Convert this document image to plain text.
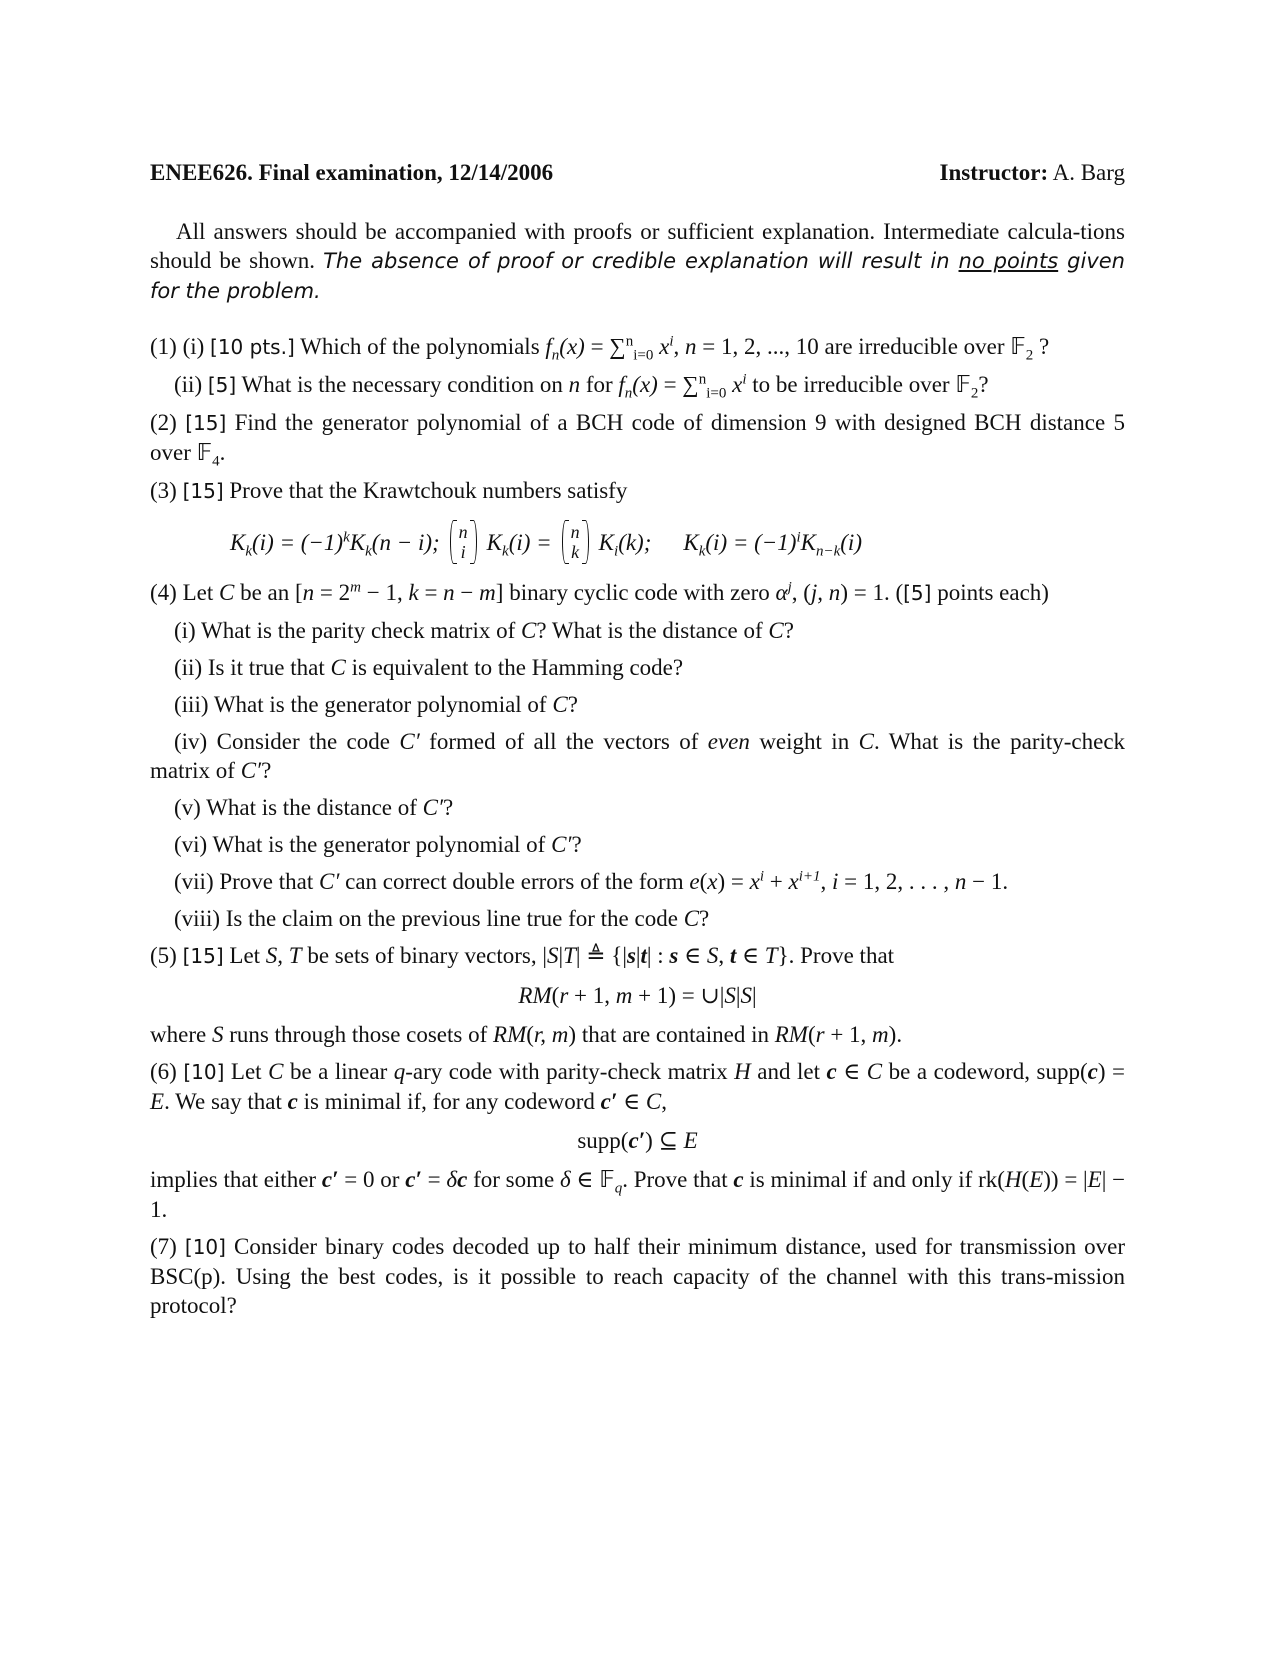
ENEE626. Final examination, 12/14/2006	Instructor: A. Barg

All answers should be accompanied with proofs or sufficient explanation. Intermediate calcula-tions should be shown. The absence of proof or credible explanation will result in no points given for the problem.

(1) (i) [10 pts.] Which of the polynomials $f_n(x) = \sum^n_{i=0}$ $x^i$, n = 1, 2, ..., 10 are irreducible over 𝔽$_2$ ?

(ii) [5] What is the necessary condition on n for $f_n(x) = \sum^n_{i=0}$ $x^i$ to be irreducible over 𝔽$_2$?

(2) [15] Find the generator polynomial of a BCH code of dimension 9 with designed BCH distance 5 over 𝔽$_4$.

(3) [15] Prove that the Krawtchouk numbers satisfy

$K_k(i) = (-1)^kK_k(n - i)$; n
i $K_k(i) = n$
k $K_i(k)$; $K_k(i) = (-1)^iK_{n-k}(i)$

(4) Let C be an [$n = 2^m - 1$, k = n − m] binary cyclic code with zero $\alpha^j$, (j, n) = 1. ([5] points each)

(i) What is the parity check matrix of C? What is the distance of C?

(ii) Is it true that C is equivalent to the Hamming code?

(iii) What is the generator polynomial of C?

(iv) Consider the code C′ formed of all the vectors of even weight in C. What is the parity-check matrix of C′?

(v) What is the distance of C′?

(vi) What is the generator polynomial of C′?

(vii) Prove that C′ can correct double errors of the form $e(x) = x^i + x^{i+1}$, i = 1, 2, . . . , n − 1.

(viii) Is the claim on the previous line true for the code C?

(5) [15] Let S, T be sets of binary vectors, |S|T| ≜ {|s|t| : s ∈ S, t ∈ T}. Prove that

RM(r + 1, m + 1) = ∪|S|S|

where S runs through those cosets of RM(r, m) that are contained in RM(r + 1, m).

(6) [10] Let C be a linear q-ary code with parity-check matrix H and let c ∈ C be a codeword, supp(c) = E. We say that c is minimal if, for any codeword c′ ∈ C,

supp(c′) ⊆ E

implies that either c′ = 0 or c′ = δc for some δ ∈ 𝔽$_q$. Prove that c is minimal if and only if rk(H(E)) = |E| − 1.

(7) [10] Consider binary codes decoded up to half their minimum distance, used for transmission over BSC(p). Using the best codes, is it possible to reach capacity of the channel with this trans-mission protocol?
